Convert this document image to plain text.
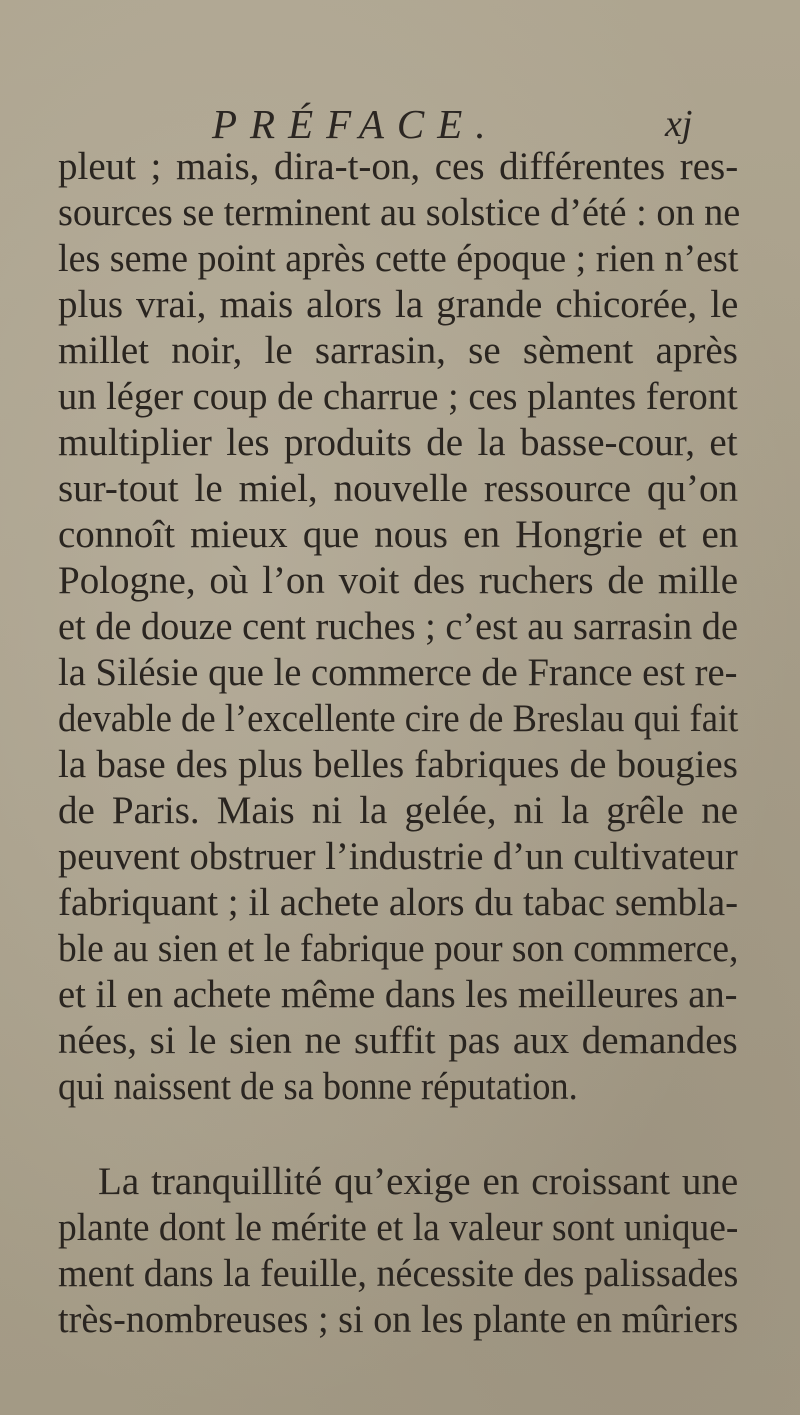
PRÉFACE.	xj
pleut ; mais, dira-t-on, ces différentes res-
sources se terminent au solstice d’été : on ne
les seme point après cette époque ; rien n’est
plus vrai, mais alors la grande chicorée, le
millet noir, le sarrasin, se sèment après
un léger coup de charrue ; ces plantes feront
multiplier les produits de la basse-cour, et
sur-tout le miel, nouvelle ressource qu’on
connoît mieux que nous en Hongrie et en
Pologne, où l’on voit des ruchers de mille
et de douze cent ruches ; c’est au sarrasin de
la Silésie que le commerce de France est re-
devable de l’excellente cire de Breslau qui fait
la base des plus belles fabriques de bougies
de Paris. Mais ni la gelée, ni la grêle ne
peuvent obstruer l’industrie d’un cultivateur
fabriquant ; il achete alors du tabac sembla-
ble au sien et le fabrique pour son commerce,
et il en achete même dans les meilleures an-
nées, si le sien ne suffit pas aux demandes
qui naissent de sa bonne réputation.
La tranquillité qu’exige en croissant une
plante dont le mérite et la valeur sont unique-
ment dans la feuille, nécessite des palissades
très-nombreuses ; si on les plante en mûriers
